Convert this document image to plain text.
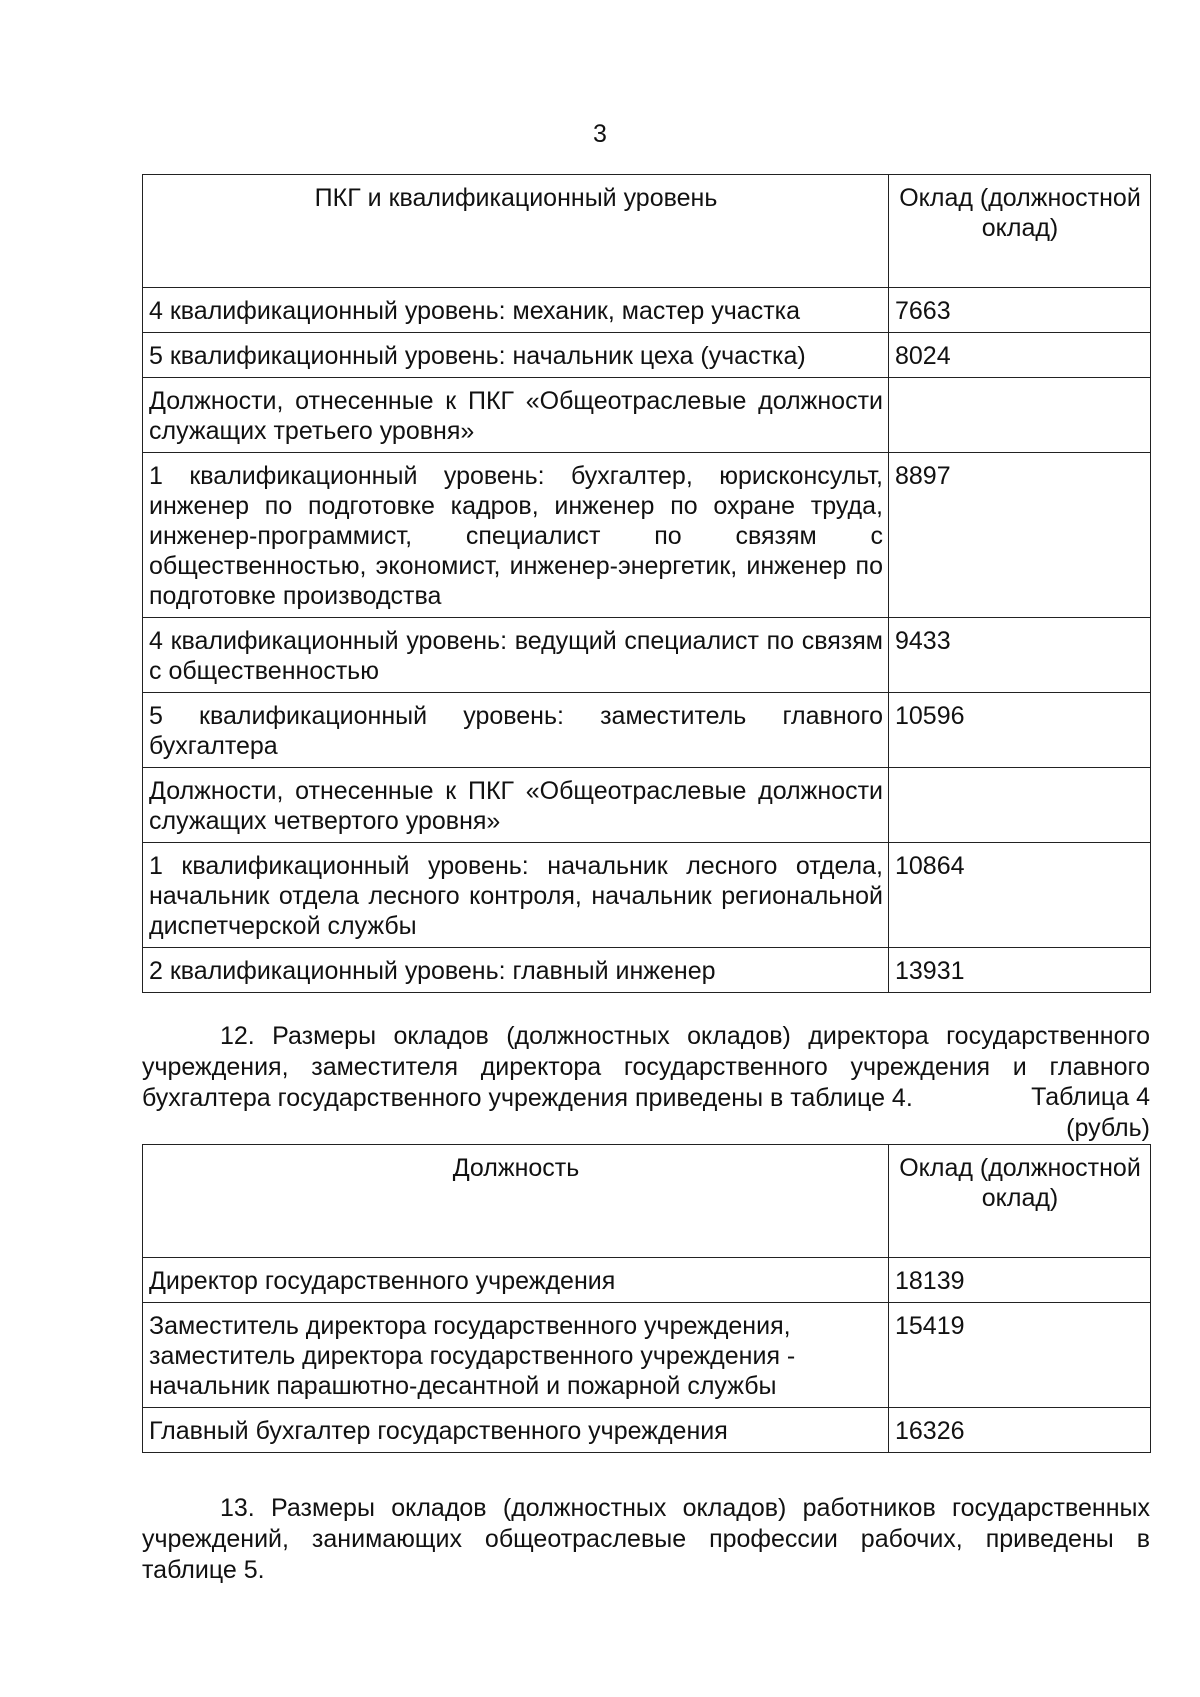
3
ПКГ и квалификационный уровень	Оклад (должностной оклад)
4 квалификационный уровень: механик, мастер участка	7663
5 квалификационный уровень: начальник цеха (участка)	8024
Должности, отнесенные к ПКГ «Общеотраслевые должности служащих третьего уровня»	
1 квалификационный уровень: бухгалтер, юрисконсульт, инженер по подготовке кадров, инженер по охране труда, инженер-программист, специалист по связям с общественностью, экономист, инженер-энергетик, инженер по подготовке производства	8897
4 квалификационный уровень: ведущий специалист по связям с общественностью	9433
5 квалификационный уровень: заместитель главного бухгалтера	10596
Должности, отнесенные к ПКГ «Общеотраслевые должности служащих четвертого уровня»	
1 квалификационный уровень: начальник лесного отдела, начальник отдела лесного контроля, начальник региональной диспетчерской службы	10864
2 квалификационный уровень: главный инженер	13931

12. Размеры окладов (должностных окладов) директора государственного учреждения, заместителя директора государственного учреждения и главного бухгалтера государственного учреждения приведены в таблице 4.	Таблица 4
(рубль)
Должность	Оклад (должностной оклад)
Директор государственного учреждения	18139
Заместитель директора государственного учреждения, заместитель директора государственного учреждения - начальник парашютно-десантной и пожарной службы	15419
Главный бухгалтер государственного учреждения	16326

13. Размеры окладов (должностных окладов) работников государственных учреждений, занимающих общеотраслевые профессии рабочих, приведены в таблице 5.
